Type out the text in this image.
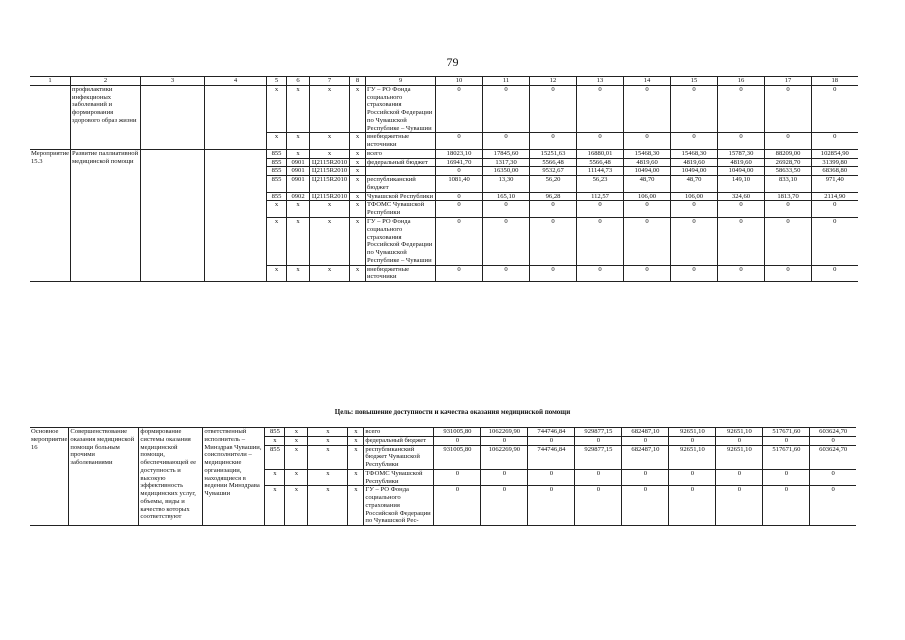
79
1	2	3	4	5	6	7	8	9	10	11	12	13	14	15	16	17	18
	профилактики инфекционых заболеваний и формирования здорового образ жизни			х	х	х	х	ГУ – РО Фонда социального страхования Российской Федерации по Чувашской Республике – Чувашии	0	0	0	0	0	0	0	0	0
				х	х	х	х	внебюджетные источники	0	0	0	0	0	0	0	0	0
Мероприятие 15.3	Развитие паллиативной медицинской помощи			855	х	х	х	всего	18023,10	17845,60	15251,63	16880,01	15468,30	15468,30	15787,30	88209,00	102854,90
				855	0901	Ц2115R2010	х	федеральный бюджет	16941,70	1317,30	5566,48	5566,48	4819,60	4819,60	4819,60	26928,70	31399,80
				855	0901	Ц2115R2010	х		0	16350,00	9532,67	11144,73	10494,00	10494,00	10494,00	58633,50	68368,80
				855	0901	Ц2115R2010	х	республиканский бюджет	1081,40	13,30	56,20	56,23	48,70	48,70	149,10	833,10	971,40
				855	0902	Ц2115R2010	х	Чувашской Республики	0	165,10	96,28	112,57	106,00	106,00	324,60	1813,70	2114,90
				х	х	х	х	ТФОМС Чувашской Республики	0	0	0	0	0	0	0	0	0
				х	х	х	х	ГУ – РО Фонда социального страхования Российской Федерации по Чувашской Республике – Чувашии	0	0	0	0	0	0	0	0	0
				х	х	х	х	внебюджетные источники	0	0	0	0	0	0	0	0	0
Цель: повышение доступности и качества оказания медицинской помощи
Основное мероприятие 16	Совершенствование оказания медицинской помощи больным прочими заболеваниями	формирование системы оказания медицинской помощи, обеспечивающей ее доступность и высокую эффективность медицинских услуг, объемы, виды и качество которых соответствуют	ответственный исполнитель – Минздрав Чувашии, соисполнители – медицинские организации, находящиеся в ведении Минздрава Чувашии	855	х	х	х	всего	931005,80	1062269,90	744746,84	929877,15	682487,10	92651,10	92651,10	517671,60	603624,70
				х	х	х	х	федеральный бюджет	0	0	0	0	0	0	0	0	0
				855	х	х	х	республиканский бюджет Чувашской Республики	931005,80	1062269,90	744746,84	929877,15	682487,10	92651,10	92651,10	517671,60	603624,70
				х	х	х	х	ТФОМС Чувашской Республики	0	0	0	0	0	0	0	0	0
				х	х	х	х	ГУ – РО Фонда социального страхования Российской Федерации по Чувашской Рес-	0	0	0	0	0	0	0	0	0
